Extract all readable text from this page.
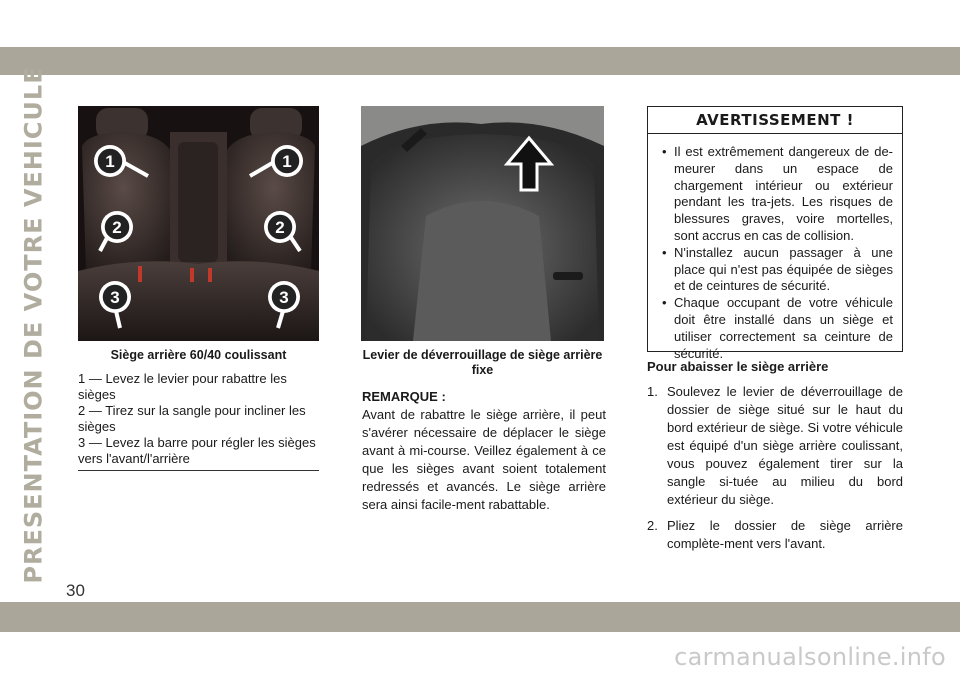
PRESENTATION DE VOTRE VEHICULE	1	1
2	2
3	3
Siège arrière 60/40 coulissant	Levier de déverrouillage de siège arrière fixe
1 — Levez le levier pour rabattre les sièges
2 — Tirez sur la sangle pour incliner les sièges
3 — Levez la barre pour régler les sièges vers l'avant/l'arrière
REMARQUE :
Avant de rabattre le siège arrière, il peut s'avérer nécessaire de déplacer le siège avant à mi-course. Veillez également à ce que les sièges avant soient totalement redressés et avancés. Le siège arrière sera ainsi facile-ment rabattable.
AVERTISSEMENT !
• Il est extrêmement dangereux de de-meurer dans un espace de chargement intérieur ou extérieur pendant les tra-jets. Les risques de blessures graves, voire mortelles, sont accrus en cas de collision.
• N'installez aucun passager à une place qui n'est pas équipée de sièges et de ceintures de sécurité.
• Chaque occupant de votre véhicule doit être installé dans un siège et utiliser correctement sa ceinture de sécurité.
Pour abaisser le siège arrière
1. Soulevez le levier de déverrouillage de dossier de siège situé sur le haut du bord extérieur de siège. Si votre véhicule est équipé d'un siège arrière coulissant, vous pouvez également tirer sur la sangle si-tuée au milieu du bord extérieur du siège.
2. Pliez le dossier de siège arrière complète-ment vers l'avant.
30
carmanualsonline.info
